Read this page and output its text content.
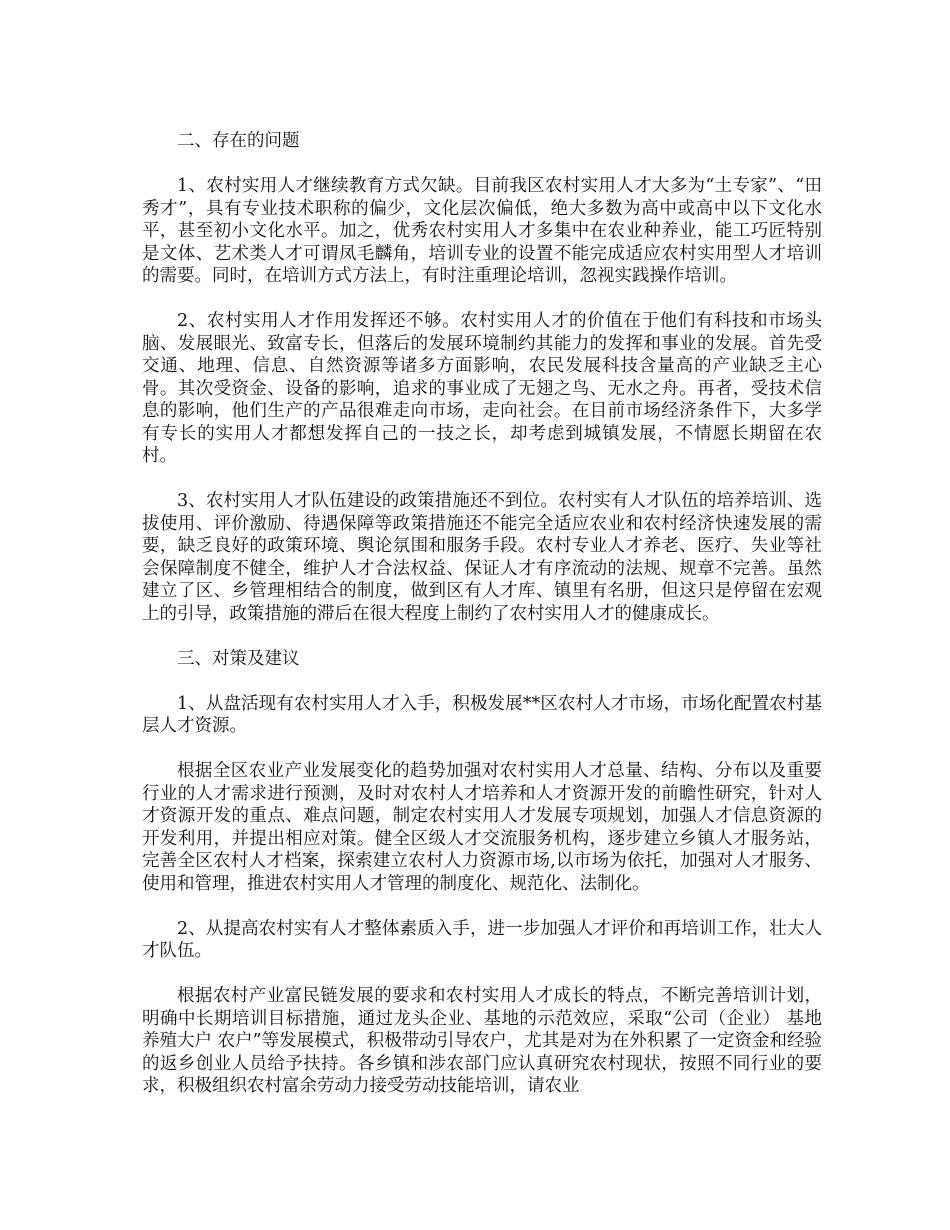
二、存在的问题

1、农村实用人才继续教育方式欠缺。目前我区农村实用人才大多为“土专家”、“田秀才”，具有专业技术职称的偏少，文化层次偏低，绝大多数为高中或高中以下文化水平，甚至初小文化水平。加之，优秀农村实用人才多集中在农业种养业，能工巧匠特别是文体、艺术类人才可谓凤毛麟角，培训专业的设置不能完成适应农村实用型人才培训的需要。同时，在培训方式方法上，有时注重理论培训，忽视实践操作培训。

2、农村实用人才作用发挥还不够。农村实用人才的价值在于他们有科技和市场头脑、发展眼光、致富专长，但落后的发展环境制约其能力的发挥和事业的发展。首先受交通、地理、信息、自然资源等诸多方面影响，农民发展科技含量高的产业缺乏主心骨。其次受资金、设备的影响，追求的事业成了无翅之鸟、无水之舟。再者，受技术信息的影响，他们生产的产品很难走向市场，走向社会。在目前市场经济条件下，大多学有专长的实用人才都想发挥自己的一技之长，却考虑到城镇发展，不情愿长期留在农村。

3、农村实用人才队伍建设的政策措施还不到位。农村实有人才队伍的培养培训、选拔使用、评价激励、待遇保障等政策措施还不能完全适应农业和农村经济快速发展的需要，缺乏良好的政策环境、舆论氛围和服务手段。农村专业人才养老、医疗、失业等社会保障制度不健全，维护人才合法权益、保证人才有序流动的法规、规章不完善。虽然建立了区、乡管理相结合的制度，做到区有人才库、镇里有名册，但这只是停留在宏观上的引导，政策措施的滞后在很大程度上制约了农村实用人才的健康成长。

三、对策及建议

1、从盘活现有农村实用人才入手，积极发展**区农村人才市场，市场化配置农村基层人才资源。

根据全区农业产业发展变化的趋势加强对农村实用人才总量、结构、分布以及重要行业的人才需求进行预测，及时对农村人才培养和人才资源开发的前瞻性研究，针对人才资源开发的重点、难点问题，制定农村实用人才发展专项规划，加强人才信息资源的开发利用，并提出相应对策。健全区级人才交流服务机构，逐步建立乡镇人才服务站，完善全区农村人才档案，探索建立农村人力资源市场,以市场为依托，加强对人才服务、使用和管理，推进农村实用人才管理的制度化、规范化、法制化。

2、从提高农村实有人才整体素质入手，进一步加强人才评价和再培训工作，壮大人才队伍。

根据农村产业富民链发展的要求和农村实用人才成长的特点，不断完善培训计划，明确中长期培训目标措施，通过龙头企业、基地的示范效应，采取“公司（企业） 基地 养殖大户 农户”等发展模式，积极带动引导农户，尤其是对为在外积累了一定资金和经验的返乡创业人员给予扶持。各乡镇和涉农部门应认真研究农村现状，按照不同行业的要求，积极组织农村富余劳动力接受劳动技能培训，请农业
